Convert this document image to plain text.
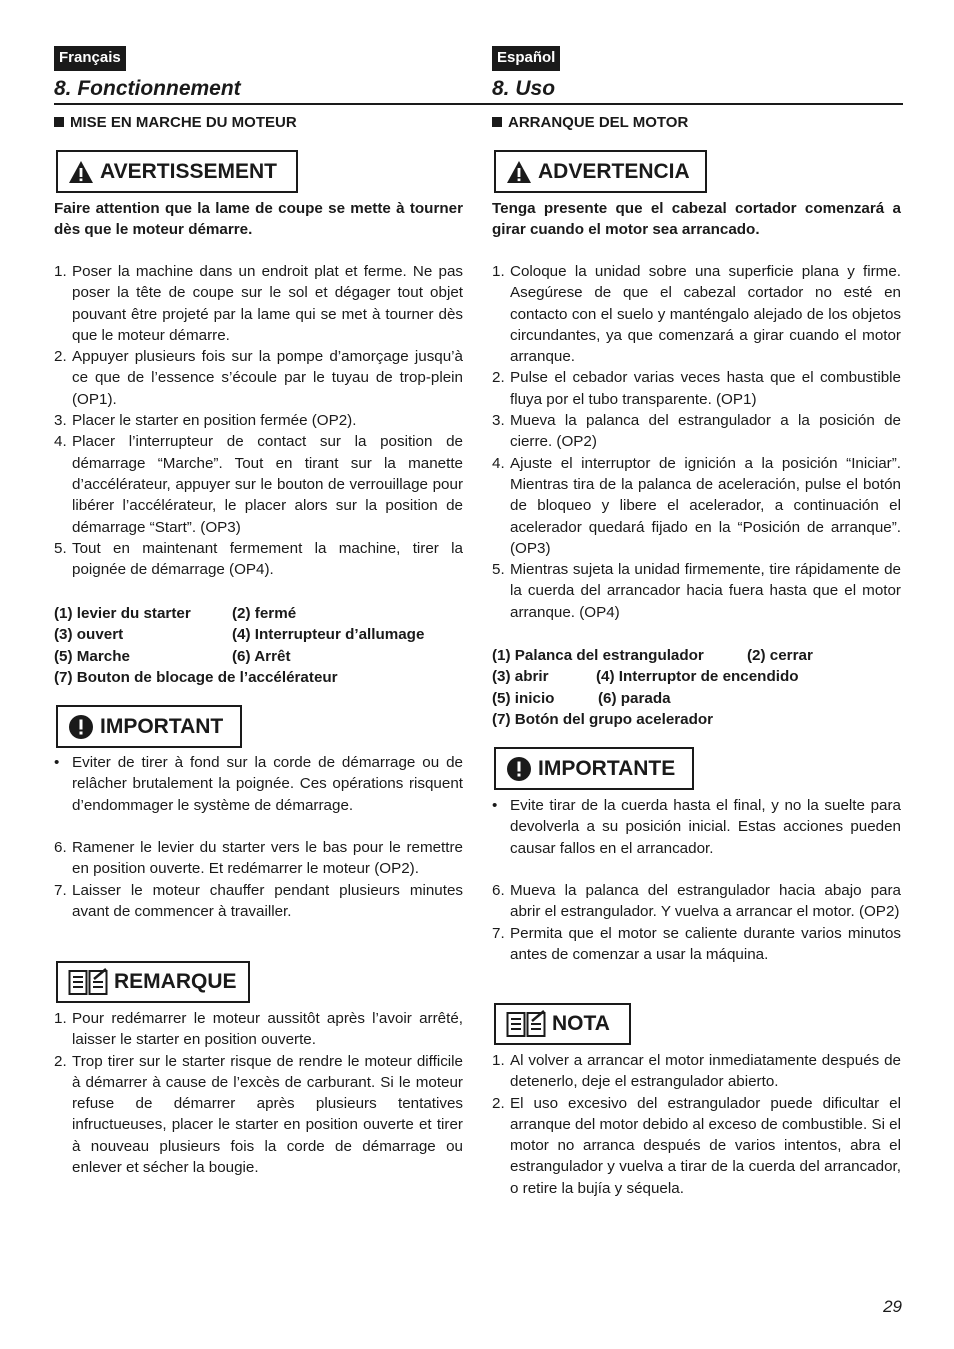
Français
8. Fonctionnement
Español
8. Uso
MISE EN MARCHE DU MOTEUR
AVERTISSEMENT
Faire attention que la lame de coupe se mette à tourner dès que le moteur démarre.
1. Poser la machine dans un endroit plat et ferme. Ne pas poser la tête de coupe sur le sol et dégager tout objet pouvant être projeté par la lame qui se met à tourner dès que le moteur démarre.
2. Appuyer plusieurs fois sur la pompe d’amorçage jusqu’à ce que de l’essence s’écoule par le tuyau de trop-plein (OP1).
3. Placer le starter en position fermée (OP2).
4. Placer l’interrupteur de contact sur la position de démarrage “Marche”. Tout en tirant sur la manette d’accélérateur, appuyer sur le bouton de verrouillage pour libérer l’accélérateur, le placer alors sur la position de démarrage “Start”. (OP3)
5. Tout en maintenant fermement la machine, tirer la poignée de démarrage (OP4).
(1) levier du starter	(2) fermé
(3) ouvert	(4) Interrupteur d’allumage
(5) Marche	(6) Arrêt
(7) Bouton de blocage de l’accélérateur
IMPORTANT
• Eviter de tirer à fond sur la corde de démarrage ou de relâcher brutalement la poignée. Ces opérations risquent d’endommager le système de démarrage.
6. Ramener le levier du starter vers le bas pour le remettre en position ouverte. Et redémarrer le moteur (OP2).
7. Laisser le moteur chauffer pendant plusieurs minutes avant de commencer à travailler.
REMARQUE
1. Pour redémarrer le moteur aussitôt après l’avoir arrêté, laisser le starter en position ouverte.
2. Trop tirer sur le starter risque de rendre le moteur difficile à démarrer à cause de l’excès de carburant. Si le moteur refuse de démarrer après plusieurs tentatives infructueuses, placer le starter en position ouverte et tirer à nouveau plusieurs fois la corde de démarrage ou enlever et sécher la bougie.
ARRANQUE DEL MOTOR
ADVERTENCIA
Tenga presente que el cabezal cortador comenzará a girar cuando el motor sea arrancado.
1. Coloque la unidad sobre una superficie plana y firme. Asegúrese de que el cabezal cortador no esté en contacto con el suelo y manténgalo alejado de los objetos circundantes, ya que comenzará a girar cuando el motor arranque.
2. Pulse el cebador varias veces hasta que el combustible fluya por el tubo transparente. (OP1)
3. Mueva la palanca del estrangulador a la posición de cierre. (OP2)
4. Ajuste el interruptor de ignición a la posición “Iniciar”. Mientras tira de la palanca de aceleración, pulse el botón de bloqueo y libere el acelerador, a continuación el acelerador quedará fijado en la “Posición de arranque”. (OP3)
5. Mientras sujeta la unidad firmemente, tire rápidamente de la cuerda del arrancador hacia fuera hasta que el motor arranque. (OP4)
(1) Palanca del estrangulador	(2) cerrar
(3) abrir	(4) Interruptor de encendido
(5) inicio	(6) parada
(7) Botón del grupo acelerador
IMPORTANTE
• Evite tirar de la cuerda hasta el final, y no la suelte para devolverla a su posición inicial. Estas acciones pueden causar fallos en el arrancador.
6. Mueva la palanca del estrangulador hacia abajo para abrir el estrangulador. Y vuelva a arrancar el motor. (OP2)
7. Permita que el motor se caliente durante varios minutos antes de comenzar a usar la máquina.
NOTA
1. Al volver a arrancar el motor inmediatamente después de detenerlo, deje el estrangulador abierto.
2. El uso excesivo del estrangulador puede dificultar el arranque del motor debido al exceso de combustible. Si el motor no arranca después de varios intentos, abra el estrangulador y vuelva a tirar de la cuerda del arrancador, o retire la bujía y séquela.
29
